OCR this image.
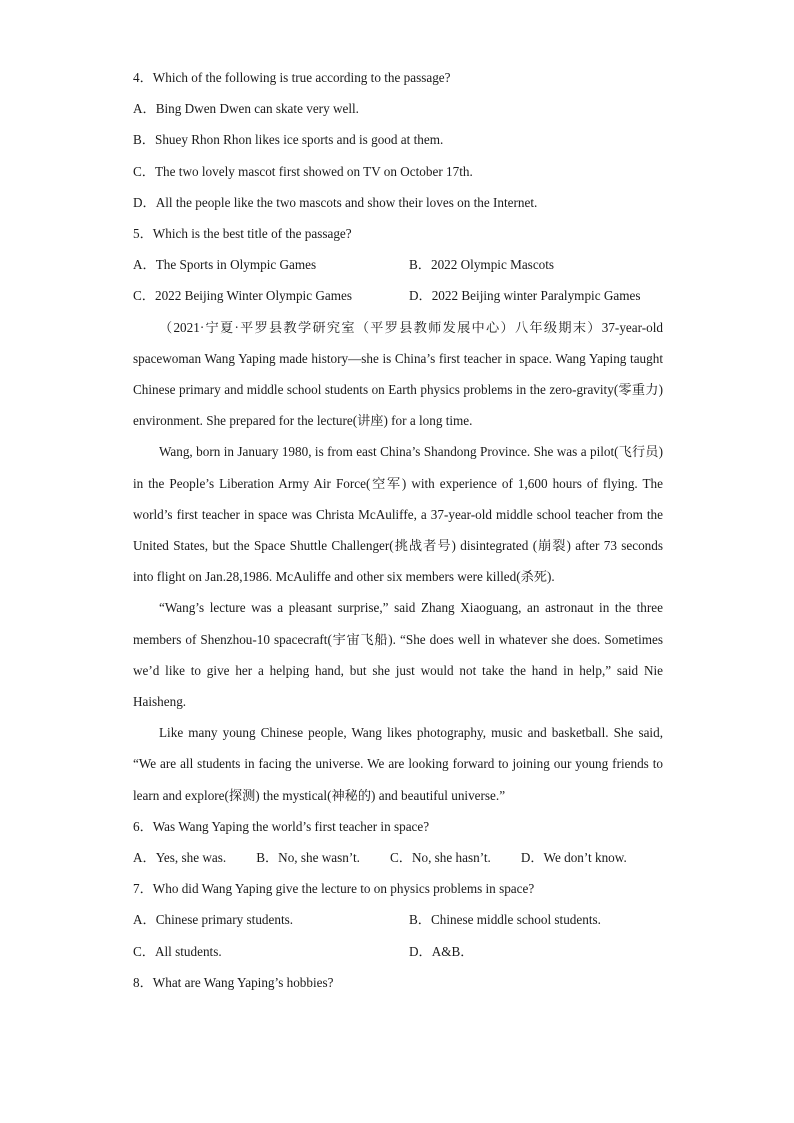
4．Which of the following is true according to the passage?
A．Bing Dwen Dwen can skate very well.
B．Shuey Rhon Rhon likes ice sports and is good at them.
C．The two lovely mascot first showed on TV on October 17th.
D．All the people like the two mascots and show their loves on the Internet.
5．Which is the best title of the passage?
A．The Sports in Olympic Games	B．2022 Olympic Mascots
C．2022 Beijing Winter Olympic Games	D．2022 Beijing winter Paralympic Games
（2021·宁夏·平罗县教学研究室（平罗县教师发展中心）八年级期末）37-year-old spacewoman Wang Yaping made history—she is China’s first teacher in space. Wang Yaping taught Chinese primary and middle school students on Earth physics problems in the zero-gravity(零重力) environment. She prepared for the lecture(讲座) for a long time.
Wang, born in January 1980, is from east China’s Shandong Province. She was a pilot(飞行员) in the People’s Liberation Army Air Force(空军) with experience of 1,600 hours of flying. The world’s first teacher in space was Christa McAuliffe, a 37-year-old middle school teacher from the United States, but the Space Shuttle Challenger(挑战者号) disintegrated (崩裂) after 73 seconds into flight on Jan.28,1986. McAuliffe and other six members were killed(杀死).
“Wang’s lecture was a pleasant surprise,” said Zhang Xiaoguang, an astronaut in the three members of Shenzhou-10 spacecraft(宇宙飞船). “She does well in whatever she does. Sometimes we’d like to give her a helping hand, but she just would not take the hand in help,” said Nie Haisheng.
Like many young Chinese people, Wang likes photography, music and basketball. She said, “We are all students in facing the universe. We are looking forward to joining our young friends to learn and explore(探测) the mystical(神秘的) and beautiful universe.”
6．Was Wang Yaping the world’s first teacher in space?
A．Yes, she was. B．No, she wasn’t. C．No, she hasn’t. D．We don’t know.
7．Who did Wang Yaping give the lecture to on physics problems in space?
A．Chinese primary students.	B．Chinese middle school students.
C．All students.	D．A&B．
8．What are Wang Yaping’s hobbies?
